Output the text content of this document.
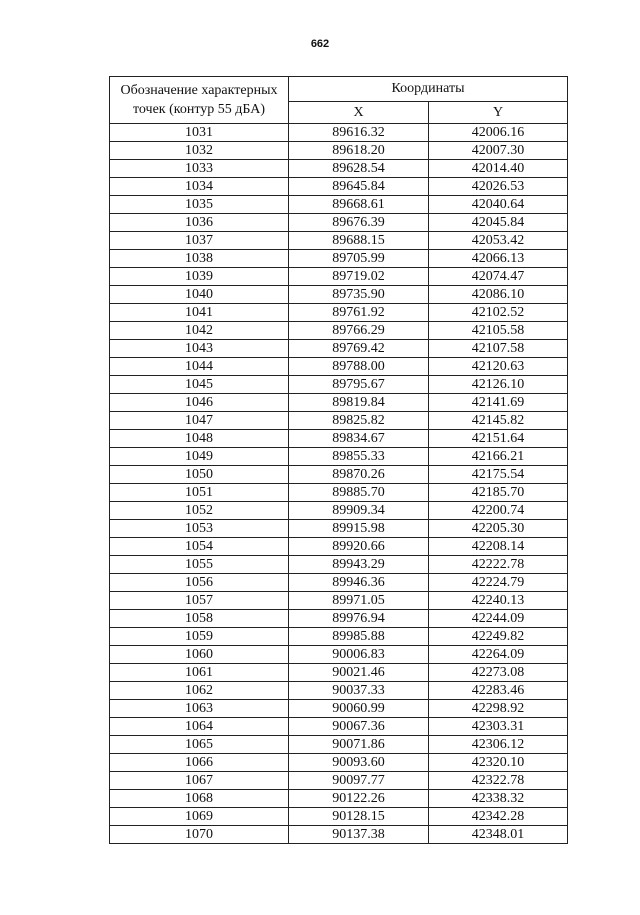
662
Обозначение характерных
точек (контур 55 дБА)	Координаты	
	X	Y
1031	89616.32	42006.16
1032	89618.20	42007.30
1033	89628.54	42014.40
1034	89645.84	42026.53
1035	89668.61	42040.64
1036	89676.39	42045.84
1037	89688.15	42053.42
1038	89705.99	42066.13
1039	89719.02	42074.47
1040	89735.90	42086.10
1041	89761.92	42102.52
1042	89766.29	42105.58
1043	89769.42	42107.58
1044	89788.00	42120.63
1045	89795.67	42126.10
1046	89819.84	42141.69
1047	89825.82	42145.82
1048	89834.67	42151.64
1049	89855.33	42166.21
1050	89870.26	42175.54
1051	89885.70	42185.70
1052	89909.34	42200.74
1053	89915.98	42205.30
1054	89920.66	42208.14
1055	89943.29	42222.78
1056	89946.36	42224.79
1057	89971.05	42240.13
1058	89976.94	42244.09
1059	89985.88	42249.82
1060	90006.83	42264.09
1061	90021.46	42273.08
1062	90037.33	42283.46
1063	90060.99	42298.92
1064	90067.36	42303.31
1065	90071.86	42306.12
1066	90093.60	42320.10
1067	90097.77	42322.78
1068	90122.26	42338.32
1069	90128.15	42342.28
1070	90137.38	42348.01
